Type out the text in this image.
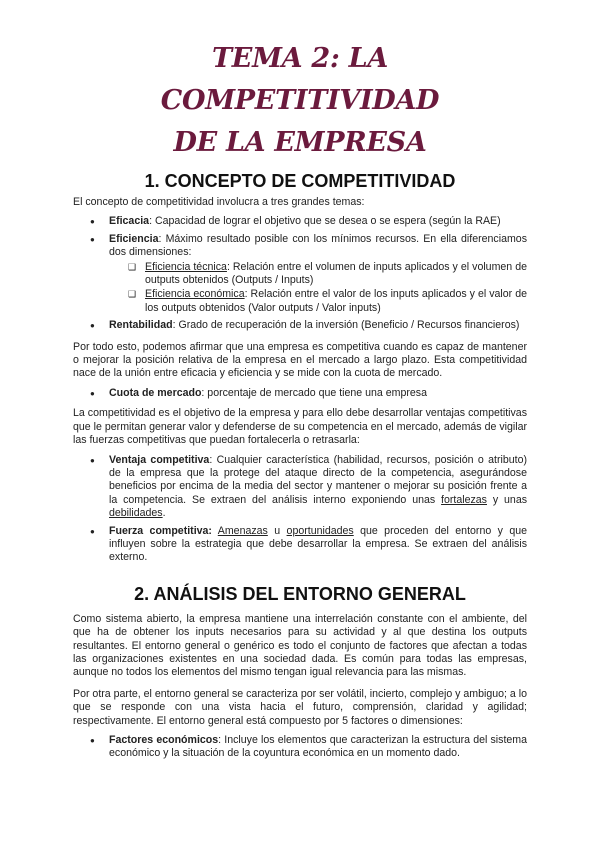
TEMA 2: LA COMPETITIVIDAD
DE LA EMPRESA
1. CONCEPTO DE COMPETITIVIDAD

El concepto de competitividad involucra a tres grandes temas:

● Eficacia: Capacidad de lograr el objetivo que se desea o se espera (según la RAE)
● Eficiencia: Máximo resultado posible con los mínimos recursos. En ella diferenciamos dos dimensiones:
❑ Eficiencia técnica: Relación entre el volumen de inputs aplicados y el volumen de outputs obtenidos (Outputs / Inputs)
❑ Eficiencia económica: Relación entre el valor de los inputs aplicados y el valor de los outputs obtenidos (Valor outputs / Valor inputs)
● Rentabilidad: Grado de recuperación de la inversión (Beneficio / Recursos financieros)

Por todo esto, podemos afirmar que una empresa es competitiva cuando es capaz de mantener o mejorar la posición relativa de la empresa en el mercado a largo plazo. Esta competitividad nace de la unión entre eficacia y eficiencia y se mide con la cuota de mercado.

● Cuota de mercado: porcentaje de mercado que tiene una empresa

La competitividad es el objetivo de la empresa y para ello debe desarrollar ventajas competitivas que le permitan generar valor y defenderse de su competencia en el mercado, además de vigilar las fuerzas competitivas que puedan fortalecerla o retrasarla:

● Ventaja competitiva: Cualquier característica (habilidad, recursos, posición o atributo) de la empresa que la protege del ataque directo de la competencia, asegurándose beneficios por encima de la media del sector y mantener o mejorar su posición frente a la competencia. Se extraen del análisis interno exponiendo unas fortalezas y unas debilidades.
● Fuerza competitiva: Amenazas u oportunidades que proceden del entorno y que influyen sobre la estrategia que debe desarrollar la empresa. Se extraen del análisis externo.
2. ANÁLISIS DEL ENTORNO GENERAL

Como sistema abierto, la empresa mantiene una interrelación constante con el ambiente, del que ha de obtener los inputs necesarios para su actividad y al que destina los outputs resultantes. El entorno general o genérico es todo el conjunto de factores que afectan a todas las organizaciones existentes en una sociedad dada. Es común para todas las empresas, aunque no todos los elementos del mismo tengan igual relevancia para las mismas.

Por otra parte, el entorno general se caracteriza por ser volátil, incierto, complejo y ambiguo; a lo que se responde con una vista hacia el futuro, comprensión, claridad y agilidad; respectivamente. El entorno general está compuesto por 5 factores o dimensiones:

● Factores económicos: Incluye los elementos que caracterizan la estructura del sistema económico y la situación de la coyuntura económica en un momento dado.
